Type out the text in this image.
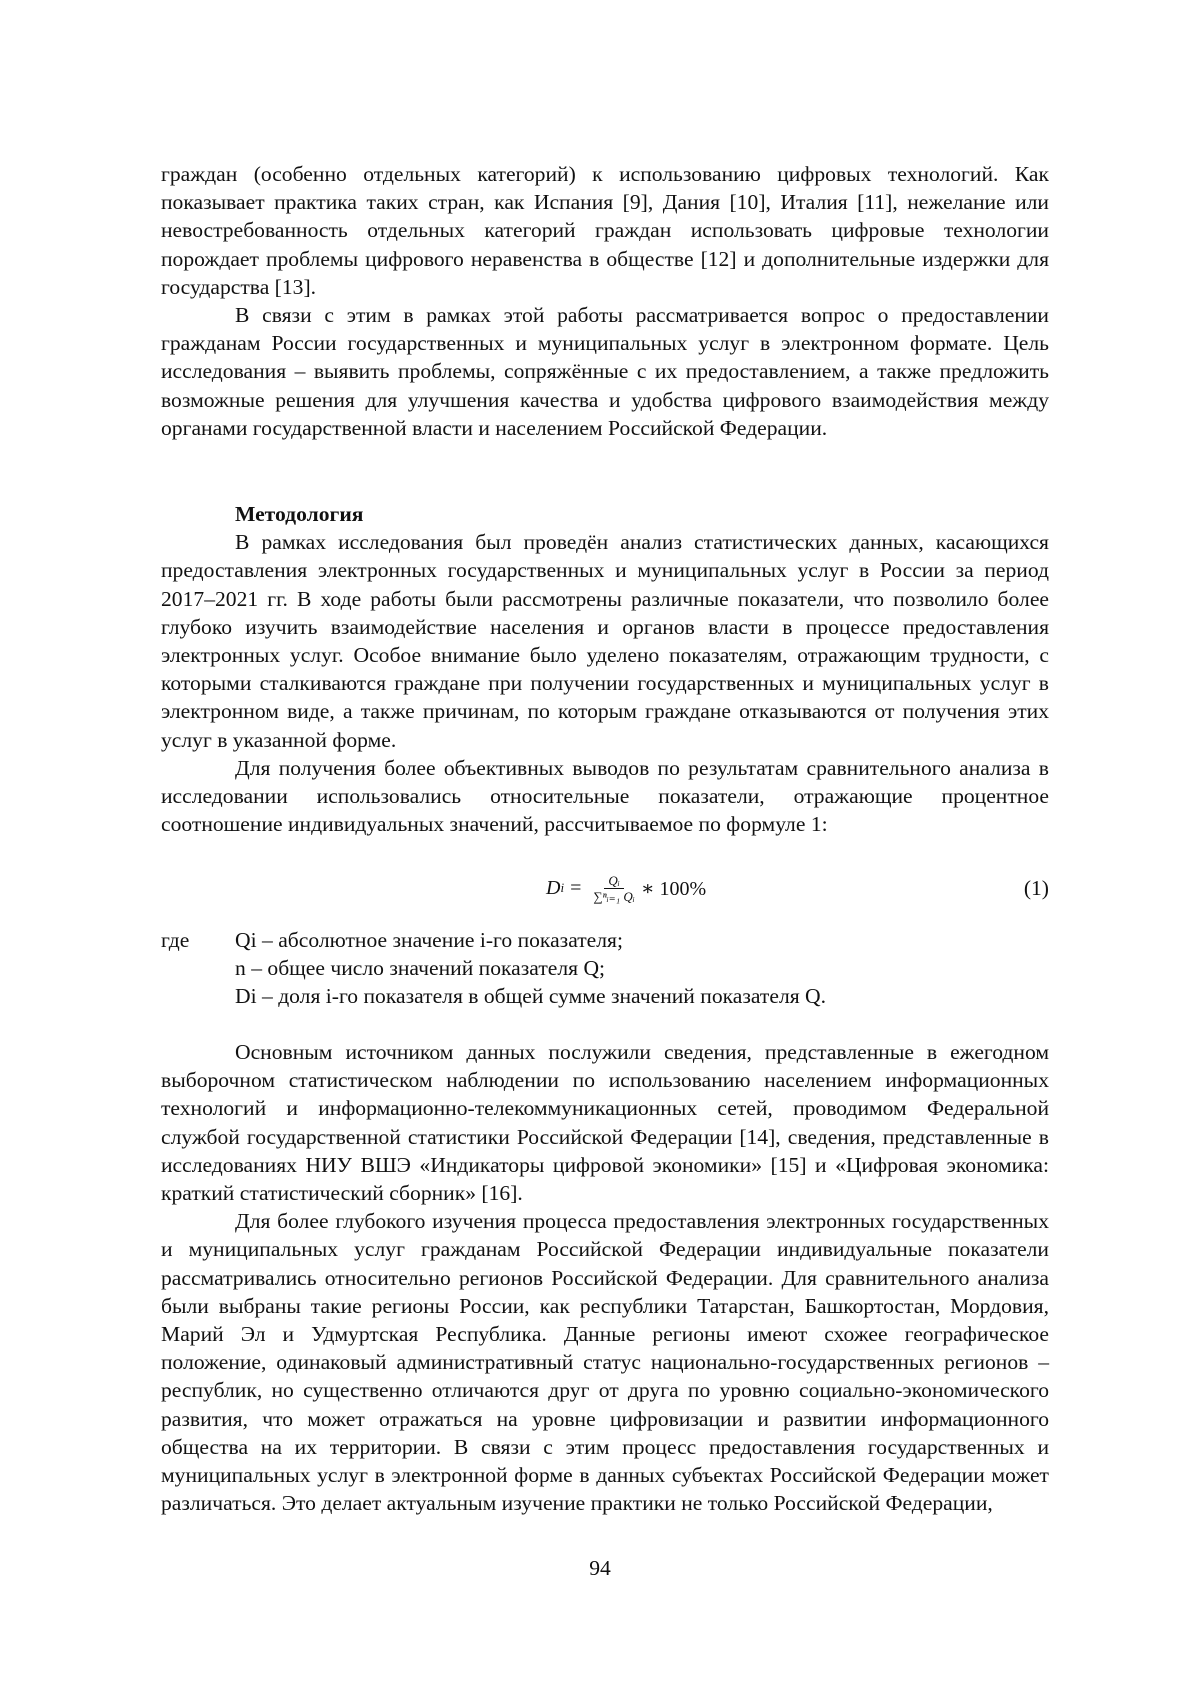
граждан (особенно отдельных категорий) к использованию цифровых технологий. Как показывает практика таких стран, как Испания [9], Дания [10], Италия [11], нежелание или невостребованность отдельных категорий граждан использовать цифровые технологии порождает проблемы цифрового неравенства в обществе [12] и дополнительные издержки для государства [13].

В связи с этим в рамках этой работы рассматривается вопрос о предоставлении гражданам России государственных и муниципальных услуг в электронном формате. Цель исследования – выявить проблемы, сопряжённые с их предоставлением, а также предложить возможные решения для улучшения качества и удобства цифрового взаимодействия между органами государственной власти и населением Российской Федерации.

Методология

В рамках исследования был проведён анализ статистических данных, касающихся предоставления электронных государственных и муниципальных услуг в России за период 2017–2021 гг. В ходе работы были рассмотрены различные показатели, что позволило более глубоко изучить взаимодействие населения и органов власти в процессе предоставления электронных услуг. Особое внимание было уделено показателям, отражающим трудности, с которыми сталкиваются граждане при получении государственных и муниципальных услуг в электронном виде, а также причинам, по которым граждане отказываются от получения этих услуг в указанной форме.

Для получения более объективных выводов по результатам сравнительного анализа в исследовании использовались относительные показатели, отражающие процентное соотношение индивидуальных значений, рассчитываемое по формуле 1:

D $i = \frac{\text{Qᵢ}}{\text{∑ⁿᵢ₌₁ Qᵢ}}$ ∗ 100%	(1)
где	Qi – абсолютное значение i-го показателя;
n – общее число значений показателя Q;
Di – доля i-го показателя в общей сумме значений показателя Q.

Основным источником данных послужили сведения, представленные в ежегодном выборочном статистическом наблюдении по использованию населением информационных технологий и информационно-телекоммуникационных сетей, проводимом Федеральной службой государственной статистики Российской Федерации [14], сведения, представленные в исследованиях НИУ ВШЭ «Индикаторы цифровой экономики» [15] и «Цифровая экономика: краткий статистический сборник» [16].

Для более глубокого изучения процесса предоставления электронных государственных и муниципальных услуг гражданам Российской Федерации индивидуальные показатели рассматривались относительно регионов Российской Федерации. Для сравнительного анализа были выбраны такие регионы России, как республики Татарстан, Башкортостан, Мордовия, Марий Эл и Удмуртская Республика. Данные регионы имеют схожее географическое положение, одинаковый административный статус национально-государственных регионов – республик, но существенно отличаются друг от друга по уровню социально-экономического развития, что может отражаться на уровне цифровизации и развитии информационного общества на их территории. В связи с этим процесс предоставления государственных и муниципальных услуг в электронной форме в данных субъектах Российской Федерации может различаться. Это делает актуальным изучение практики не только Российской Федерации,

94
